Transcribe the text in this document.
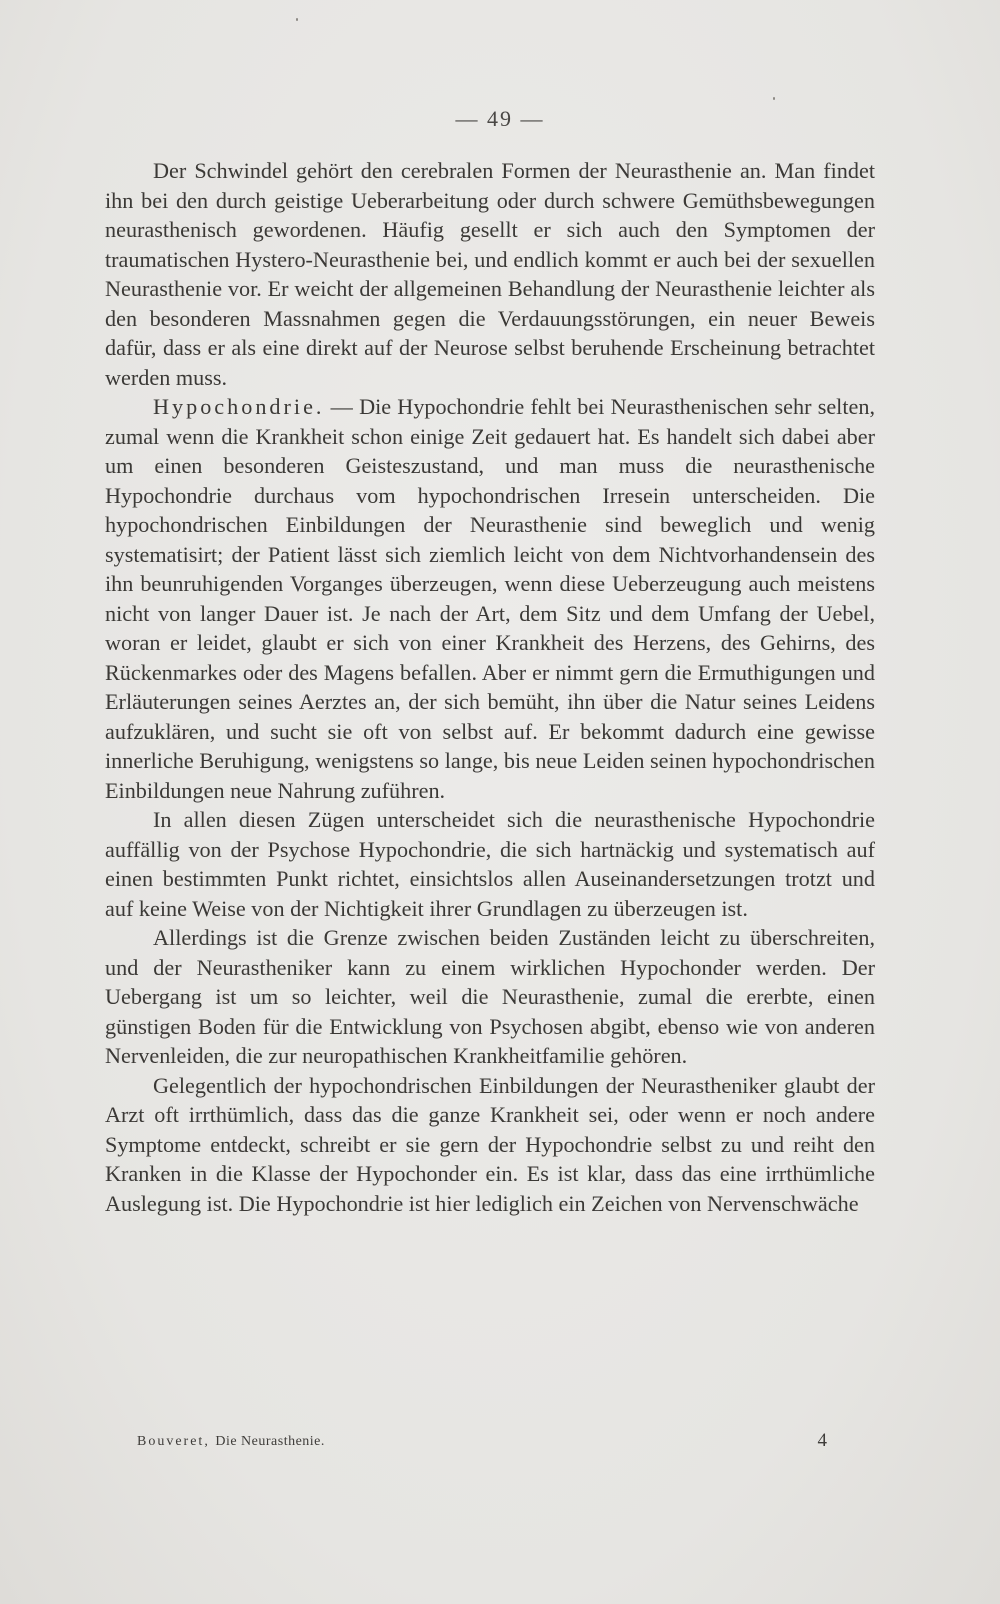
— 49 —

Der Schwindel gehört den cerebralen Formen der Neurasthenie an. Man findet ihn bei den durch geistige Ueberarbeitung oder durch schwere Gemüthsbewegungen neurasthenisch gewordenen. Häufig gesellt er sich auch den Symptomen der traumatischen Hystero-Neurasthenie bei, und endlich kommt er auch bei der sexuellen Neurasthenie vor. Er weicht der allgemeinen Behandlung der Neurasthenie leichter als den besonderen Massnahmen gegen die Verdauungsstörungen, ein neuer Beweis dafür, dass er als eine direkt auf der Neurose selbst beruhende Erscheinung betrachtet werden muss.

Hypochondrie. — Die Hypochondrie fehlt bei Neurasthenischen sehr selten, zumal wenn die Krankheit schon einige Zeit gedauert hat. Es handelt sich dabei aber um einen besonderen Geisteszustand, und man muss die neurasthenische Hypochondrie durchaus vom hypochondrischen Irresein unterscheiden. Die hypochondrischen Einbildungen der Neurasthenie sind beweglich und wenig systematisirt; der Patient lässt sich ziemlich leicht von dem Nichtvorhandensein des ihn beunruhigenden Vorganges überzeugen, wenn diese Ueberzeugung auch meistens nicht von langer Dauer ist. Je nach der Art, dem Sitz und dem Umfang der Uebel, woran er leidet, glaubt er sich von einer Krankheit des Herzens, des Gehirns, des Rückenmarkes oder des Magens befallen. Aber er nimmt gern die Ermuthigungen und Erläuterungen seines Aerztes an, der sich bemüht, ihn über die Natur seines Leidens aufzuklären, und sucht sie oft von selbst auf. Er bekommt dadurch eine gewisse innerliche Beruhigung, wenigstens so lange, bis neue Leiden seinen hypochondrischen Einbildungen neue Nahrung zuführen.

In allen diesen Zügen unterscheidet sich die neurasthenische Hypochondrie auffällig von der Psychose Hypochondrie, die sich hartnäckig und systematisch auf einen bestimmten Punkt richtet, einsichtslos allen Auseinandersetzungen trotzt und auf keine Weise von der Nichtigkeit ihrer Grundlagen zu überzeugen ist.

Allerdings ist die Grenze zwischen beiden Zuständen leicht zu überschreiten, und der Neurastheniker kann zu einem wirklichen Hypochonder werden. Der Uebergang ist um so leichter, weil die Neurasthenie, zumal die ererbte, einen günstigen Boden für die Entwicklung von Psychosen abgibt, ebenso wie von anderen Nervenleiden, die zur neuropathischen Krankheitfamilie gehören.

Gelegentlich der hypochondrischen Einbildungen der Neurastheniker glaubt der Arzt oft irrthümlich, dass das die ganze Krankheit sei, oder wenn er noch andere Symptome entdeckt, schreibt er sie gern der Hypochondrie selbst zu und reiht den Kranken in die Klasse der Hypochonder ein. Es ist klar, dass das eine irrthümliche Auslegung ist. Die Hypochondrie ist hier lediglich ein Zeichen von Nervenschwäche

Bouveret, Die Neurasthenie.	4
